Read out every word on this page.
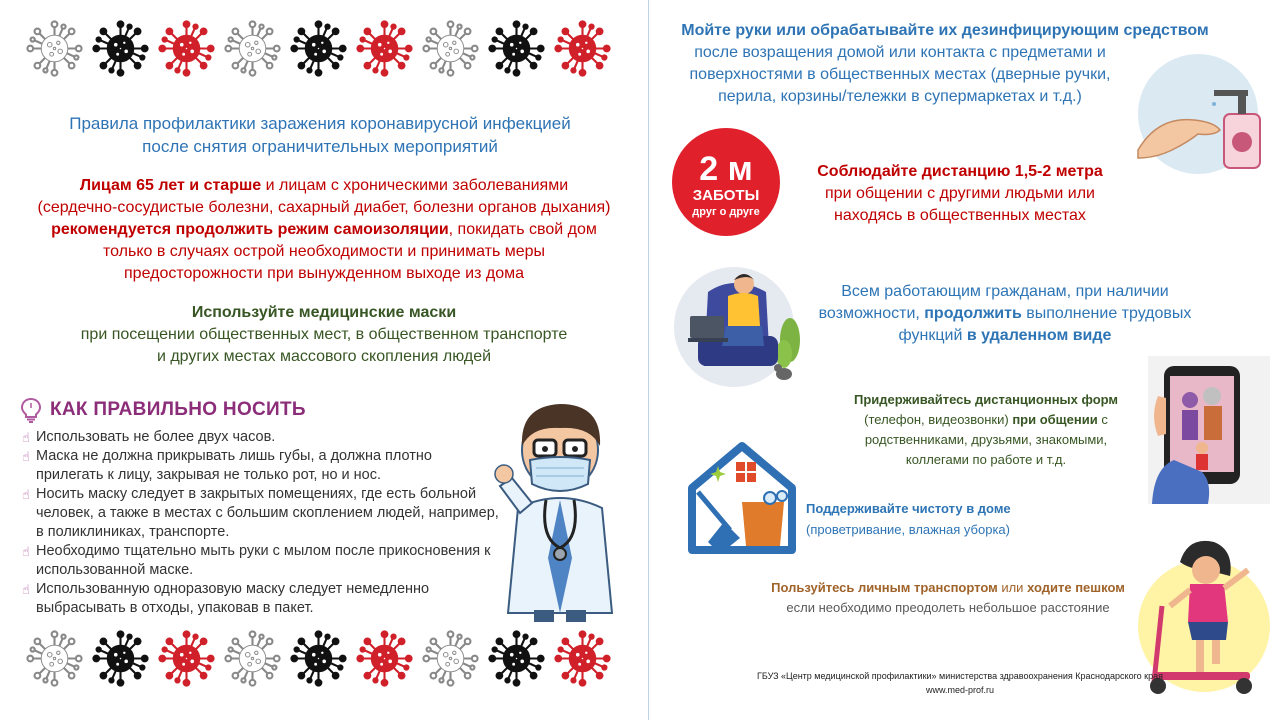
Правила профилактики заражения коронавирусной инфекцией
после снятия ограничительных мероприятий
Лицам 65 лет и старше и лицам с хроническими заболеваниями
(сердечно-сосудистые болезни, сахарный диабет, болезни органов дыхания)
рекомендуется продолжить режим самоизоляции, покидать свой дом
только в случаях острой необходимости и принимать меры
предосторожности при вынужденном выходе из дома
Используйте медицинские маски
при посещении общественных мест, в общественном транспорте
и других местах массового скопления людей
КАК ПРАВИЛЬНО НОСИТЬ
☝ Использовать не более двух часов.
☝ Маска не должна прикрывать лишь губы, а должна плотно прилегать к лицу, закрывая не только рот, но и нос.
☝ Носить маску следует в закрытых помещениях, где есть больной человек, а также в местах с большим скоплением людей, например, в поликлиниках, транспорте.
☝ Необходимо тщательно мыть руки с мылом после прикосновения к использованной маске.
☝ Использованную одноразовую маску следует немедленно выбрасывать в отходы, упаковав в пакет.
Мойте руки или обрабатывайте их дезинфицирующим средством
после возращения домой или контакта с предметами и
поверхностями в общественных местах (дверные ручки,
перила, корзины/тележки в супермаркетах и т.д.)
2 м
ЗАБОТЫ
друг о друге
Соблюдайте дистанцию 1,5-2 метра
при общении с другими людьми или
находясь в общественных местах
Всем работающим гражданам, при наличии
возможности, продолжить выполнение трудовых
функций в удаленном виде
Придерживайтесь дистанционных форм
(телефон, видеозвонки) при общении с
родственниками, друзьями, знакомыми,
коллегами по работе и т.д.
Поддерживайте чистоту в доме
(проветривание, влажная уборка)
Пользуйтесь личным транспортом или ходите пешком
если необходимо преодолеть небольшое расстояние
ГБУЗ «Центр медицинской профилактики» министерства здравоохранения Краснодарского края
www.med-prof.ru
